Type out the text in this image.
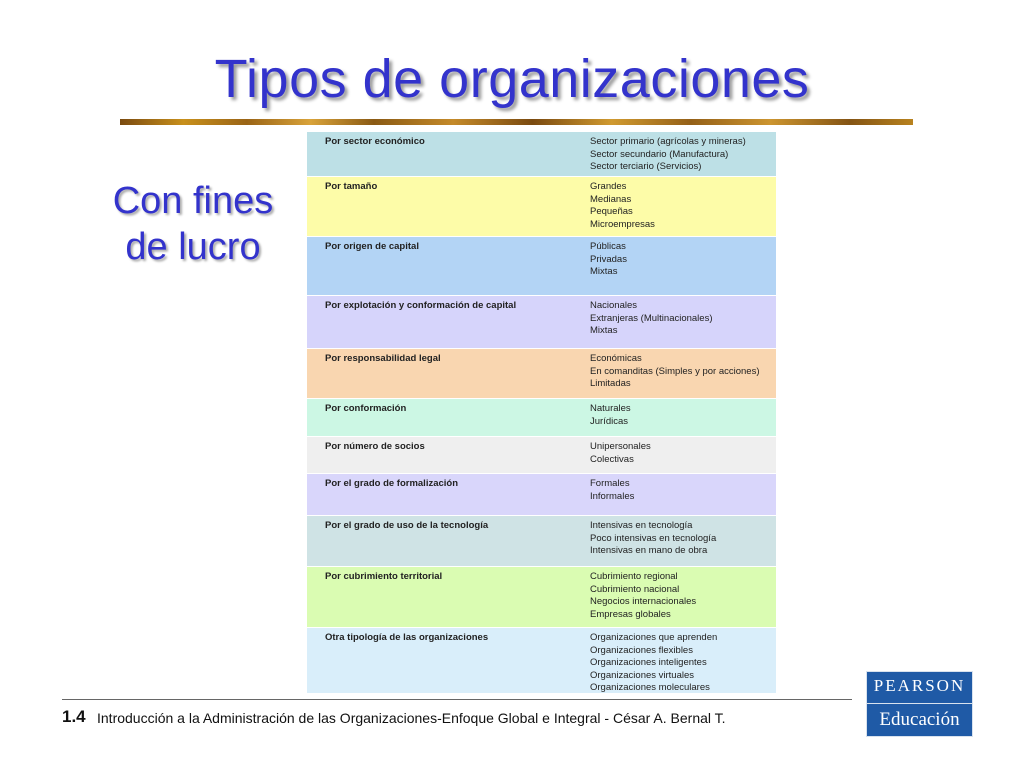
Tipos de organizaciones
Con fines
de lucro
Por sector económico	Sector primario (agrícolas y mineras)
Sector secundario (Manufactura)
Sector terciario (Servicios)
Por tamaño	Grandes
Medianas
Pequeñas
Microempresas
Por origen de capital	Públicas
Privadas
Mixtas
Por explotación y conformación de capital	Nacionales
Extranjeras (Multinacionales)
Mixtas
Por responsabilidad legal	Económicas
En comanditas (Simples y por acciones)
Limitadas
Por conformación	Naturales
Jurídicas
Por número de socios	Unipersonales
Colectivas
Por el grado de formalización	Formales
Informales
Por el grado de uso de la tecnología	Intensivas en tecnología
Poco intensivas en tecnología
Intensivas en mano de obra
Por cubrimiento territorial	Cubrimiento regional
Cubrimiento nacional
Negocios internacionales
Empresas globales
Otra tipología de las organizaciones	Organizaciones que aprenden
Organizaciones flexibles
Organizaciones inteligentes
Organizaciones virtuales
Organizaciones moleculares
1.4 Introducción a la Administración de las Organizaciones-Enfoque Global e Integral - César A. Bernal T.
PEARSON
Educación
